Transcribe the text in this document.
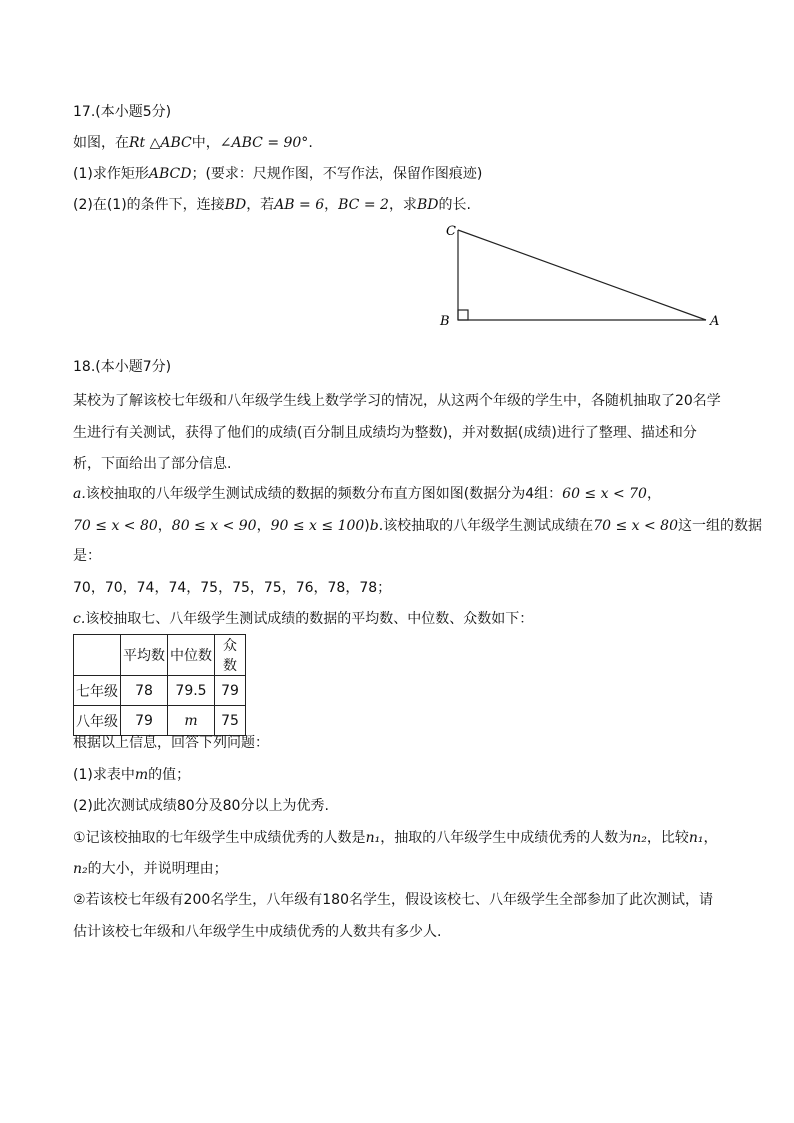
17.(本小题5分)
如图，在Rt △ABC中，∠ABC = 90°.
(1)求作矩形ABCD；(要求：尺规作图，不写作法，保留作图痕迹)
(2)在(1)的条件下，连接BD，若AB = 6，BC = 2，求BD的长.
C
B	A
18.(本小题7分)
某校为了解该校七年级和八年级学生线上数学学习的情况，从这两个年级的学生中，各随机抽取了20名学
生进行有关测试，获得了他们的成绩(百分制且成绩均为整数)，并对数据(成绩)进行了整理、描述和分
析，下面给出了部分信息.
a.该校抽取的八年级学生测试成绩的数据的频数分布直方图如图(数据分为4组：60 ≤ x < 70，
70 ≤ x < 80，80 ≤ x < 90，90 ≤ x ≤ 100)b.该校抽取的八年级学生测试成绩在70 ≤ x < 80这一组的数据
是：
70，70，74，74，75，75，75，76，78，78；
c.该校抽取七、八年级学生测试成绩的数据的平均数、中位数、众数如下：
	平均数	中位数	众数
七年级	78	79.5	79
八年级	79	m	75
根据以上信息，回答下列问题：
(1)求表中m的值；
(2)此次测试成绩80分及80分以上为优秀.
①记该校抽取的七年级学生中成绩优秀的人数是n₁，抽取的八年级学生中成绩优秀的人数为n₂，比较n₁，
n₂的大小，并说明理由；
②若该校七年级有200名学生，八年级有180名学生，假设该校七、八年级学生全部参加了此次测试，请
估计该校七年级和八年级学生中成绩优秀的人数共有多少人.
